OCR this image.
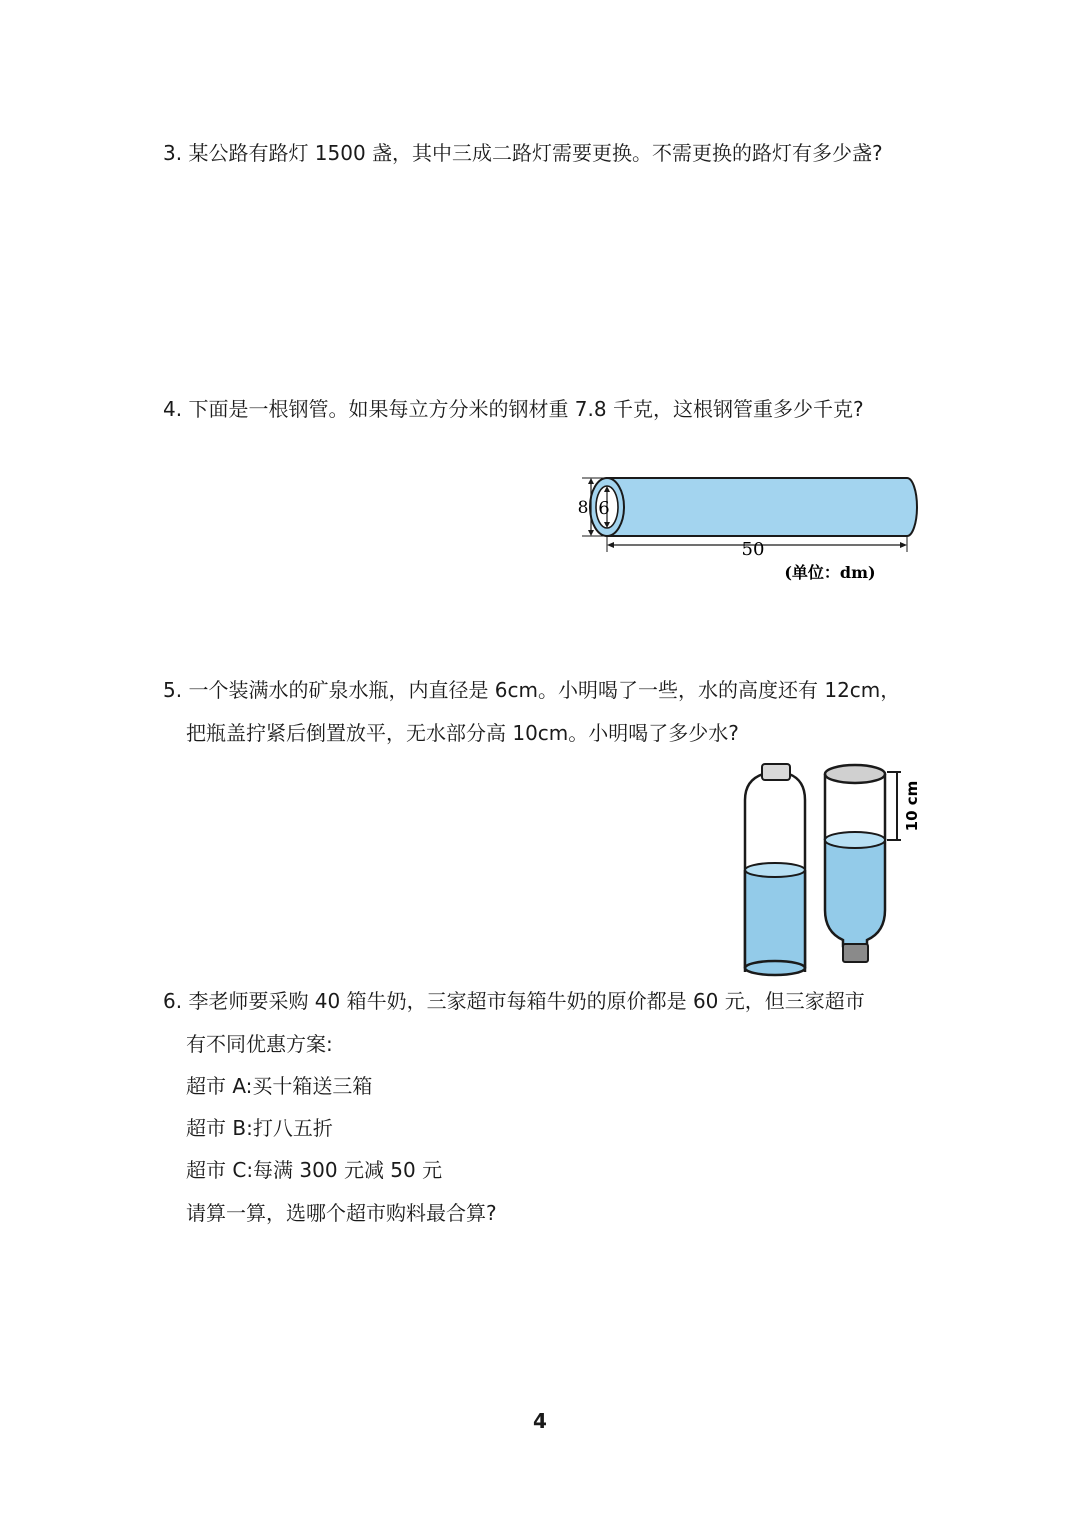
3. 某公路有路灯 1500 盏，其中三成二路灯需要更换。不需更换的路灯有多少盏?
4. 下面是一根钢管。如果每立方分米的钢材重 7.8 千克，这根钢管重多少千克?
6
8
50
(单位：dm)
5. 一个装满水的矿泉水瓶，内直径是 6cm。小明喝了一些，水的高度还有 12cm，
把瓶盖拧紧后倒置放平，无水部分高 10cm。小明喝了多少水?
10 cm
6. 李老师要采购 40 箱牛奶，三家超市每箱牛奶的原价都是 60 元，但三家超市
有不同优惠方案:
超市 A:买十箱送三箱
超市 B:打八五折
超市 C:每满 300 元减 50 元
请算一算，选哪个超市购料最合算?
4
